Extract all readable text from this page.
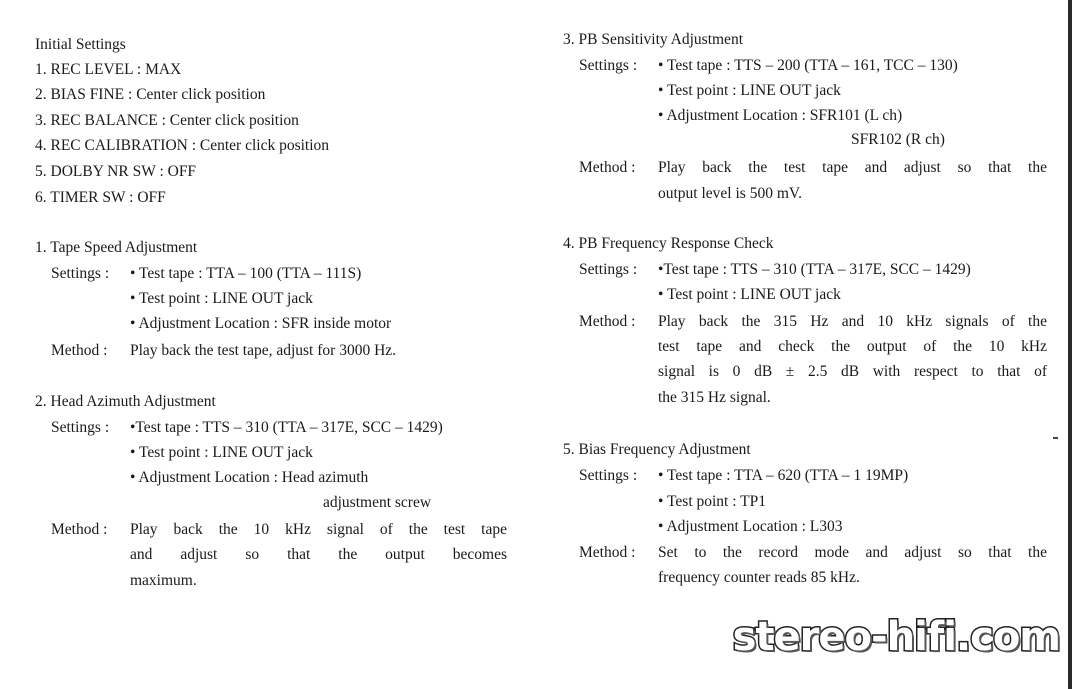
Initial Settings
1. REC LEVEL : MAX
2. BIAS FINE : Center click position
3. REC BALANCE : Center click position
4. REC CALIBRATION : Center click position
5. DOLBY NR SW : OFF
6. TIMER SW : OFF
1. Tape Speed Adjustment
Settings : • Test tape : TTA – 100 (TTA – 111S)
• Test point : LINE OUT jack
• Adjustment Location : SFR inside motor
Method : Play back the test tape, adjust for 3000 Hz.
2. Head Azimuth Adjustment
Settings : •Test tape : TTS – 310 (TTA – 317E, SCC – 1429)
• Test point : LINE OUT jack
• Adjustment Location : Head azimuth
adjustment screw
Method : Play back the 10 kHz signal of the test tape
and adjust so that the output becomes
maximum.
3. PB Sensitivity Adjustment
Settings : • Test tape : TTS – 200 (TTA – 161, TCC – 130)
• Test point : LINE OUT jack
• Adjustment Location : SFR101 (L ch)
SFR102 (R ch)
Method : Play back the test tape and adjust so that the
output level is 500 mV.
4. PB Frequency Response Check
Settings : •Test tape : TTS – 310 (TTA – 317E, SCC – 1429)
• Test point : LINE OUT jack
Method : Play back the 315 Hz and 10 kHz signals of the
test tape and check the output of the 10 kHz
signal is 0 dB ± 2.5 dB with respect to that of
the 315 Hz signal.
5. Bias Frequency Adjustment
Settings : • Test tape : TTA – 620 (TTA – 1 19MP)
• Test point : TP1
• Adjustment Location : L303
Method : Set to the record mode and adjust so that the
frequency counter reads 85 kHz.
stereo-hifi.com
